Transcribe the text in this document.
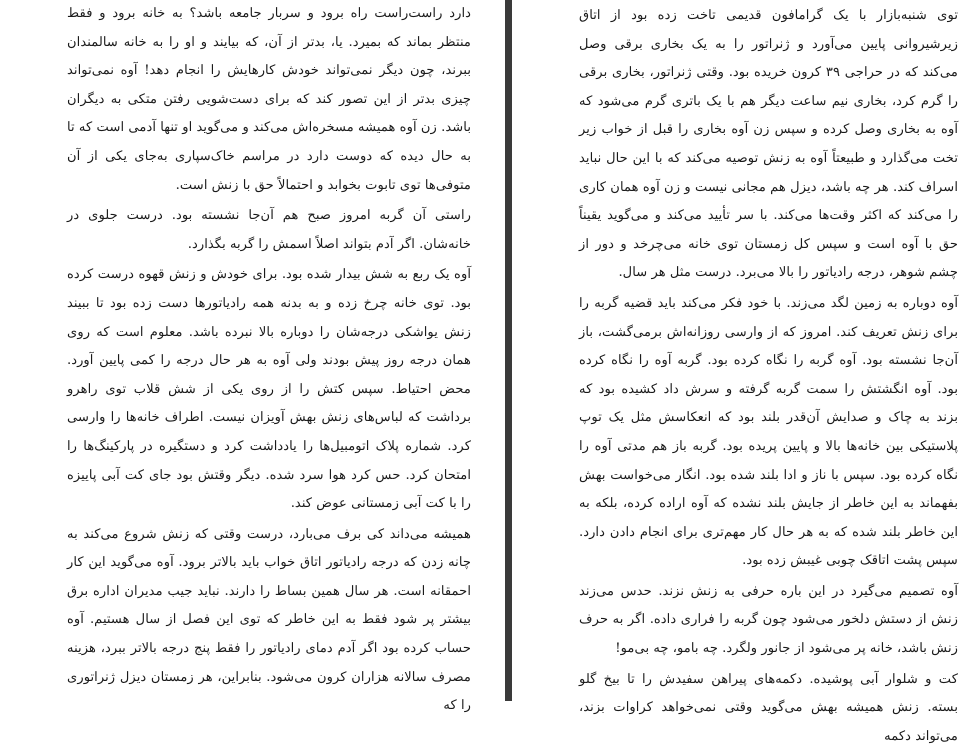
دارد راست‌راست راه برود و سربار جامعه باشد؟ به خانه برود و فقط منتظر بماند که بمیرد. یا، بدتر از آن، که بیایند و او را به خانه سالمندان ببرند، چون دیگر نمی‌تواند خودش کارهایش را انجام دهد! آوه نمی‌تواند چیزی بدتر از این تصور کند که برای دست‌شویی رفتن متکی به دیگران باشد. زن آوه همیشه مسخره‌اش می‌کند و می‌گوید او تنها آدمی است که تا به حال دیده که دوست دارد در مراسم خاک‌سپاری به‌جای یکی از آن متوفی‌ها توی تابوت بخوابد و احتمالاً حق با زنش است.

راستی آن گربه امروز صبح هم آن‌جا نشسته بود. درست جلوی در خانه‌شان. اگر آدم بتواند اصلاً اسمش را گربه بگذارد.

آوه یک ربع به شش بیدار شده بود. برای خودش و زنش قهوه درست کرده بود. توی خانه چرخ زده و به بدنه همه رادیاتورها دست زده بود تا ببیند زنش یواشکی درجه‌شان را دوباره بالا نبرده باشد. معلوم است که روی همان درجه روز پیش بودند ولی آوه به هر حال درجه را کمی پایین آورد. محض احتیاط. سپس کتش را از روی یکی از شش قلاب توی راهرو برداشت که لباس‌های زنش بهش آویزان نیست. اطراف خانه‌ها را وارسی کرد. شماره پلاک اتومبیل‌ها را یادداشت کرد و دستگیره در پارکینگ‌ها را امتحان کرد. حس کرد هوا سرد شده. دیگر وقتش بود جای کت آبی پاییزه را با کت آبی زمستانی عوض کند.

همیشه می‌داند کی برف می‌بارد، درست وقتی که زنش شروع می‌کند به چانه زدن که درجه رادیاتور اتاق خواب باید بالاتر برود. آوه می‌گوید این کار احمقانه است. هر سال همین بساط را دارند. نباید جیب مدیران اداره برق بیشتر پر شود فقط به این خاطر که توی این فصل از سال هستیم. آوه حساب کرده بود اگر آدم دمای رادیاتور را فقط پنج درجه بالاتر ببرد، هزینه مصرف سالانه هزاران کرون می‌شود. بنابراین، هر زمستان دیزل ژنراتوری را که

توی شنبه‌بازار با یک گرامافون قدیمی تاخت زده بود از اتاق زیرشیروانی پایین می‌آورد و ژنراتور را به یک بخاری برقی وصل می‌کند که در حراجی ۳۹ کرون خریده بود. وقتی ژنراتور، بخاری برقی را گرم کرد، بخاری نیم ساعت دیگر هم با یک باتری گرم می‌شود که آوه به بخاری وصل کرده و سپس زن آوه بخاری را قبل از خواب زیر تخت می‌گذارد و طبیعتاً آوه به زنش توصیه می‌کند که با این حال نباید اسراف کند. هر چه باشد، دیزل هم مجانی نیست و زن آوه همان کاری را می‌کند که اکثر وقت‌ها می‌کند. با سر تأیید می‌کند و می‌گوید یقیناً حق با آوه است و سپس کل زمستان توی خانه می‌چرخد و دور از چشم شوهر، درجه رادیاتور را بالا می‌برد. درست مثل هر سال.

آوه دوباره به زمین لگد می‌زند. با خود فکر می‌کند باید قضیه گربه را برای زنش تعریف کند. امروز که از وارسی روزانه‌اش برمی‌گشت، باز آن‌جا نشسته بود. آوه گربه را نگاه کرده بود. گربه آوه را نگاه کرده بود. آوه انگشتش را سمت گربه گرفته و سرش داد کشیده بود که بزند به چاک و صدایش آن‌قدر بلند بود که انعکاسش مثل یک توپ پلاستیکی بین خانه‌ها بالا و پایین پریده بود. گربه باز هم مدتی آوه را نگاه کرده بود. سپس با ناز و ادا بلند شده بود. انگار می‌خواست بهش بفهماند به این خاطر از جایش بلند نشده که آوه اراده کرده، بلکه به این خاطر بلند شده که به هر حال کار مهم‌تری برای انجام دادن دارد. سپس پشت اتاقک چوبی غیبش زده بود.

آوه تصمیم می‌گیرد در این باره حرفی به زنش نزند. حدس می‌زند زنش از دستش دلخور می‌شود چون گربه را فراری داده. اگر به حرف زنش باشد، خانه پر می‌شود از جانور ولگرد. چه بامو، چه بی‌مو!

کت و شلوار آبی پوشیده. دکمه‌های پیراهن سفیدش را تا بیخ گلو بسته. زنش همیشه بهش می‌گوید وقتی نمی‌خواهد کراوات بزند، می‌تواند دکمه
